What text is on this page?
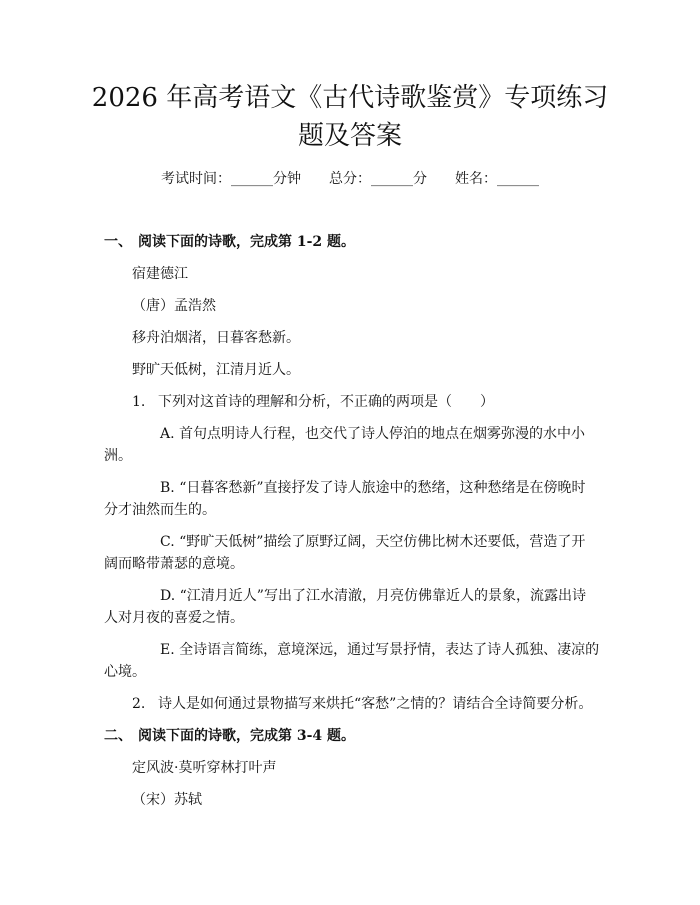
2026 年高考语文《古代诗歌鉴赏》专项练习
题及答案
考试时间：______分钟 总分：______分 姓名：______
一、 阅读下面的诗歌，完成第 1-2 题。
宿建德江
（唐）孟浩然
移舟泊烟渚，日暮客愁新。
野旷天低树，江清月近人。
1. 下列对这首诗的理解和分析，不正确的两项是（　　）
A. 首句点明诗人行程，也交代了诗人停泊的地点在烟雾弥漫的水中小
洲。
B. “日暮客愁新”直接抒发了诗人旅途中的愁绪，这种愁绪是在傍晚时
分才油然而生的。
C. “野旷天低树”描绘了原野辽阔，天空仿佛比树木还要低，营造了开
阔而略带萧瑟的意境。
D. “江清月近人”写出了江水清澈，月亮仿佛靠近人的景象，流露出诗
人对月夜的喜爱之情。
E. 全诗语言简练，意境深远，通过写景抒情，表达了诗人孤独、凄凉的
心境。
2. 诗人是如何通过景物描写来烘托“客愁”之情的？请结合全诗简要分析。
二、 阅读下面的诗歌，完成第 3-4 题。
定风波·莫听穿林打叶声
（宋）苏轼
